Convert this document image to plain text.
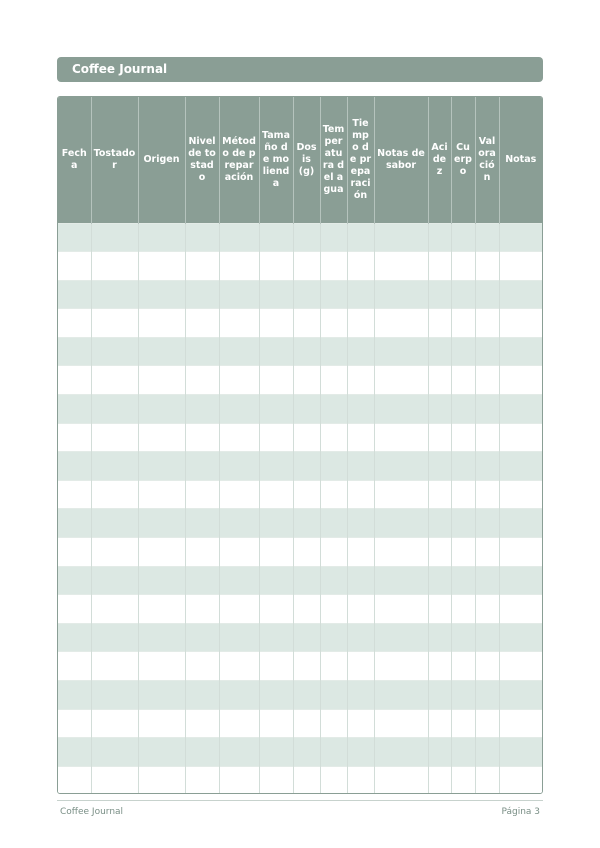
Coffee Journal
Fecha	Tostador	Origen	Nivel de tostado	Método de preparación	Tamaño de molienda	Dosis (g)	Temperatura del agua	Tiempo de preparación	Notas de sabor	Acidez	Cuerpo	Valoración	Notas

Coffee Journal	Página 3
